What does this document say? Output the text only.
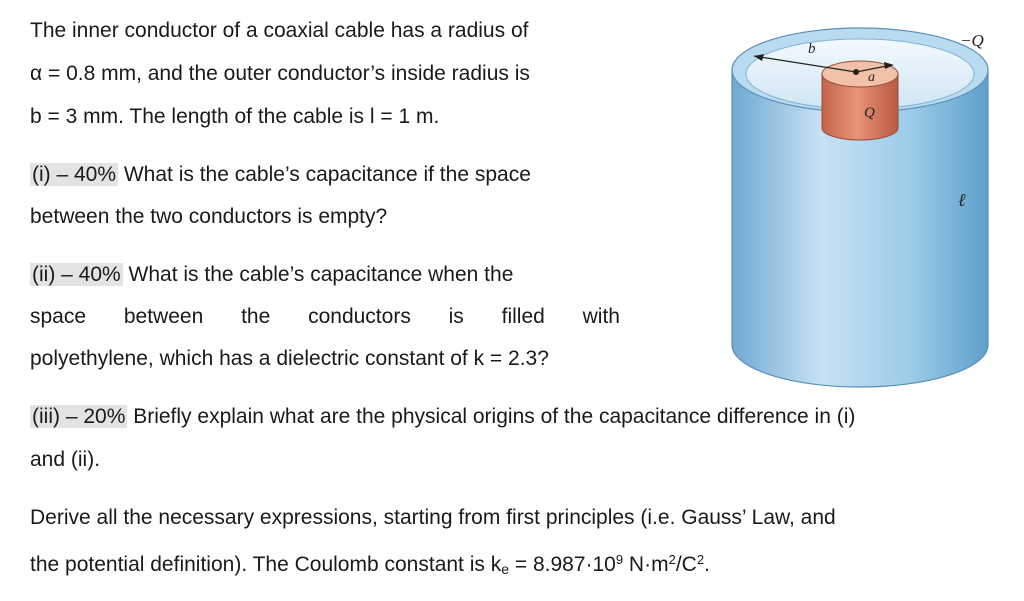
The inner conductor of a coaxial cable has a radius of
α = 0.8 mm, and the outer conductor’s inside radius is
b = 3 mm. The length of the cable is l = 1 m.
(i) – 40% What is the cable’s capacitance if the space
between the two conductors is empty?
(ii) – 40% What is the cable’s capacitance when the
space between the conductors is filled with
polyethylene, which has a dielectric constant of k = 2.3?
(iii) – 20% Briefly explain what are the physical origins of the capacitance difference in (i)
and (ii).
Derive all the necessary expressions, starting from first principles (i.e. Gauss’ Law, and
the potential definition). The Coulomb constant is $k_e = 8.987\cdot 10^9$ $N\cdot m^2/C^2$.
−Q
b
a
Q
ℓ
